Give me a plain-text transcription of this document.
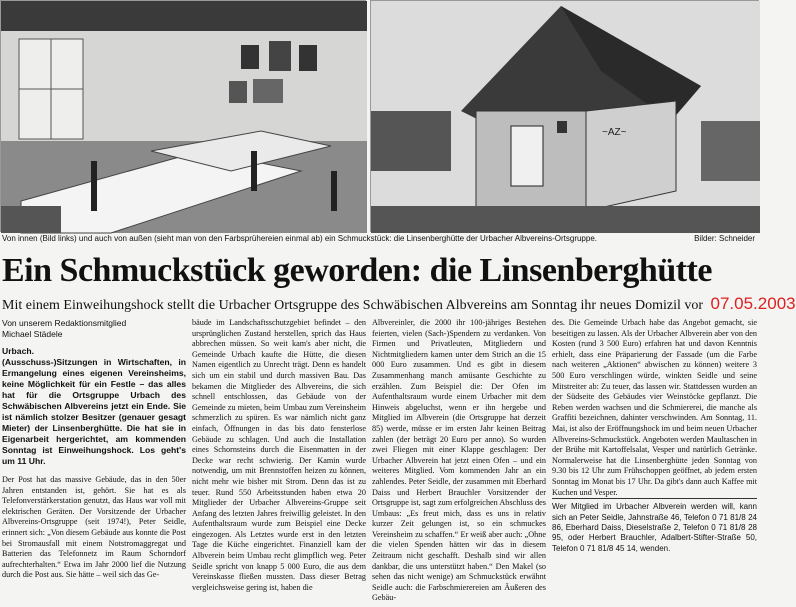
~AZ~
Von innen (Bild links) und auch von außen (sieht man von den Farbsprühereien einmal ab) ein Schmuckstück: die Linsenberghütte der Urbacher Albvereins-Ortsgruppe.	Bilder: Schneider
Ein Schmuckstück geworden: die Linsenberghütte
Mit einem Einweihungshock stellt die Urbacher Ortsgruppe des Schwäbischen Albvereins am Sonntag ihr neues Domizil vor 07.05.2003
Von unserem Redaktionsmitglied
Michael Städele

Urbach.
(Ausschuss-)Sitzungen in Wirtschaften, in Ermangelung eines eigenen Vereinsheims, keine Möglichkeit für ein Festle – das alles hat für die Ortsgruppe Urbach des Schwäbischen Albvereins jetzt ein Ende. Sie ist nämlich stolzer Besitzer (genauer gesagt Mieter) der Linsenberghütte. Die hat sie in Eigenarbeit hergerichtet, am kommenden Sonntag ist Einweihungshock. Los geht's um 11 Uhr.

Der Post hat das massive Gebäude, das in den 50er Jahren entstanden ist, gehört. Sie hat es als Telefonverstärkerstation genutzt, das Haus war voll mit elektrischen Geräten. Der Vorsitzende der Urbacher Albvereins-Ortsgruppe (seit 1974!), Peter Seidle, erinnert sich: „Von diesem Gebäude aus konnte die Post bei Stromausfall mit einem Notstromaggregat und Batterien das Telefonnetz im Raum Schorndorf aufrechterhalten.“ Etwa im Jahr 2000 lief die Nutzung durch die Post aus. Sie hätte – weil sich das Ge-

bäude im Landschaftsschutzgebiet befindet – den ursprünglichen Zustand herstellen, sprich das Haus abbrechen müssen. So weit kam's aber nicht, die Gemeinde Urbach kaufte die Hütte, die diesen Namen eigentlich zu Unrecht trägt. Denn es handelt sich um ein stabil und durch massiven Bau. Das bekamen die Mitglieder des Albvereins, die sich schnell entschlossen, das Gebäude von der Gemeinde zu mieten, beim Umbau zum Vereinsheim schmerzlich zu spüren. Es war nämlich nicht ganz einfach, Öffnungen in das bis dato fensterlose Gebäude zu schlagen. Und auch die Installation eines Schornsteins durch die Eisenmatten in der Decke war recht schwierig. Der Kamin wurde notwendig, um mit Brennstoffen heizen zu können, nicht mehr wie bisher mit Strom. Denn das ist zu teuer. Rund 550 Arbeitsstunden haben etwa 20 Mitglieder der Urbacher Albvereins-Gruppe seit Anfang des letzten Jahres freiwillig geleistet. In den Aufenthaltsraum wurde zum Beispiel eine Decke eingezogen. Als Letztes wurde erst in den letzten Tage die Küche eingerichtet. Finanziell kam der Albverein beim Umbau recht glimpflich weg. Peter Seidle spricht von knapp 5 000 Euro, die aus dem Vereinskasse fließen mussten. Dass dieser Betrag vergleichsweise gering ist, haben die

Albvereinler, die 2000 ihr 100-jähriges Bestehen feierten, vielen (Sach-)Spendern zu verdanken. Von Firmen und Privatleuten, Mitgliedern und Nichtmitgliedern kamen unter dem Strich an die 15 000 Euro zusammen. Und es gibt in diesem Zusammenhang manch amüsante Geschichte zu erzählen. Zum Beispiel die: Der Ofen im Aufenthaltsraum wurde einem Urbacher mit dem Hinweis abgeluchst, wenn er ihn hergebe und Mitglied im Albverein (die Ortsgruppe hat derzeit 85) werde, müsse er im ersten Jahr keinen Beitrag zahlen (der beträgt 20 Euro per anno). So wurden zwei Fliegen mit einer Klappe geschlagen: Der Urbacher Albverein hat jetzt einen Ofen – und ein weiteres Mitglied. Vom kommenden Jahr an ein zahlendes. Peter Seidle, der zusammen mit Eberhard Daiss und Herbert Brauchler Vorsitzender der Ortsgruppe ist, sagt zum erfolgreichen Abschluss des Umbaus: „Es freut mich, dass es uns in relativ kurzer Zeit gelungen ist, so ein schmuckes Vereinsheim zu schaffen.“ Er weiß aber auch: „Ohne die vielen Spenden hätten wir das in diesem Zeitraum nicht geschafft. Deshalb sind wir allen dankbar, die uns unterstützt haben.“ Den Makel (so sehen das nicht wenige) am Schmuckstück erwähnt Seidle auch: die Farbschmierereien am Äußeren des Gebäu-

des. Die Gemeinde Urbach habe das Angebot gemacht, sie beseitigen zu lassen. Als der Urbacher Albverein aber von den Kosten (rund 3 500 Euro) erfahren hat und davon Kenntnis erhielt, dass eine Präparierung der Fassade (um die Farbe nach weiteren „Aktionen“ abwischen zu können) weitere 3 500 Euro verschlingen würde, winkten Seidle und seine Mitstreiter ab: Zu teuer, das lassen wir. Stattdessen wurden an der Südseite des Gebäudes vier Weinstöcke gepflanzt. Die Reben werden wachsen und die Schmiererei, die manche als Graffiti bezeichnen, dahinter verschwinden. Am Sonntag, 11. Mai, ist also der Eröffnungshock im und beim neuen Urbacher Albvereins-Schmuckstück. Angeboten werden Maultaschen in der Brühe mit Kartoffelsalat, Vesper und natürlich Getränke. Normalerweise hat die Linsenberghütte jeden Sonntag von 9.30 bis 12 Uhr zum Frühschoppen geöffnet, ab jedem ersten Sonntag im Monat bis 17 Uhr. Da gibt's dann auch Kaffee mit Kuchen und Vesper.

Wer Mitglied im Urbacher Albverein werden will, kann sich an Peter Seidle, Jahnstraße 46, Telefon 0 71 81/8 24 86, Eberhard Daiss, Dieselstraße 2, Telefon 0 71 81/8 28 95, oder Herbert Brauchler, Adalbert-Stifter-Straße 50, Telefon 0 71 81/8 45 14, wenden.
